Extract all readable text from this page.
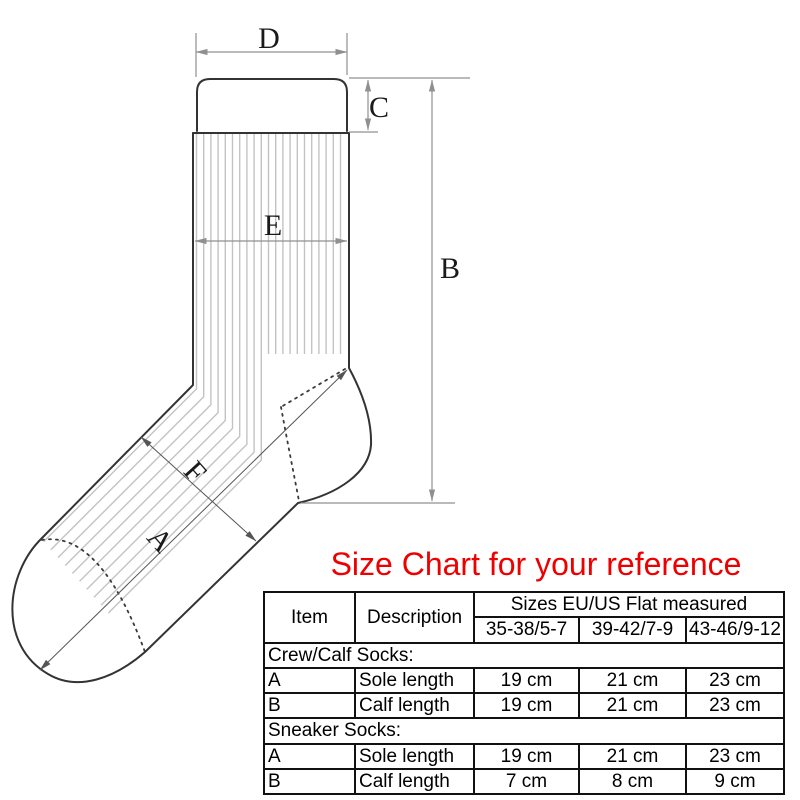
D
C
B
E
F
A
Size Chart for your reference
Item	Description	Sizes EU/US Flat measured		
		35-38/5-7	39-42/7-9	43-46/9-12
Crew/Calf Socks:				
A	Sole length	19 cm	21 cm	23 cm
B	Calf length	19 cm	21 cm	23 cm
Sneaker Socks:				
A	Sole length	19 cm	21 cm	23 cm
B	Calf length	7 cm	8 cm	9 cm
